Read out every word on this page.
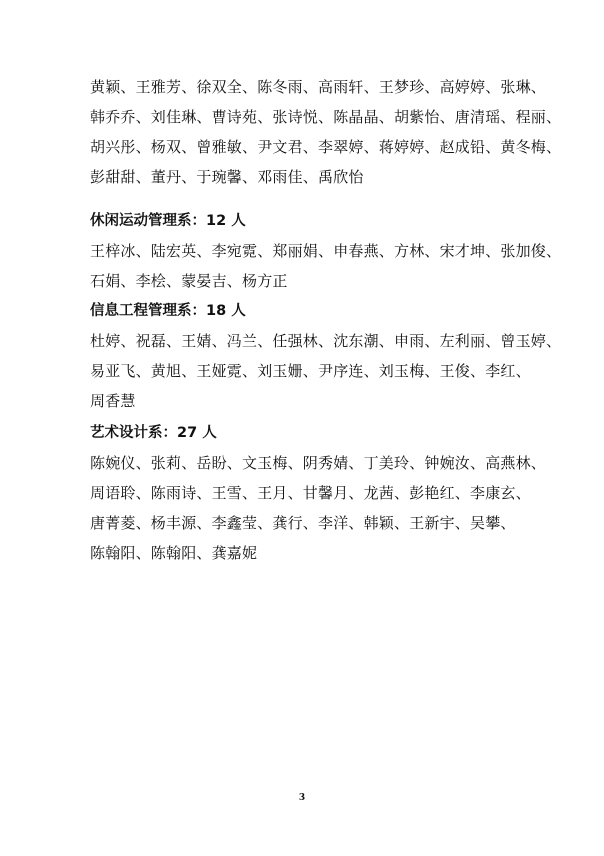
黄颖、王雅芳、徐双全、陈冬雨、高雨轩、王梦珍、高婷婷、张琳、
韩乔乔、刘佳琳、曹诗苑、张诗悦、陈晶晶、胡紫怡、唐清瑶、程丽、
胡兴彤、杨双、曾雅敏、尹文君、李翠婷、蒋婷婷、赵成铅、黄冬梅、
彭甜甜、董丹、于琬馨、邓雨佳、禹欣怡
休闲运动管理系：12 人
王梓冰、陆宏英、李宛霓、郑丽娟、申春燕、方林、宋才坤、张加俊、
石娟、李桧、蒙晏吉、杨方正
信息工程管理系：18 人
杜婷、祝磊、王婧、冯兰、任强林、沈东潮、申雨、左利丽、曾玉婷、
易亚飞、黄旭、王娅霓、刘玉姗、尹序连、刘玉梅、王俊、李红、
周香慧
艺术设计系：27 人
陈婉仪、张莉、岳盼、文玉梅、阴秀婧、丁美玲、钟婉汝、高燕林、
周语聆、陈雨诗、王雪、王月、甘馨月、龙茜、彭艳红、李康玄、
唐菁菱、杨丰源、李鑫莹、龚行、李洋、韩颖、王新宇、吴攀、
陈翰阳、陈翰阳、龚嘉妮
3
